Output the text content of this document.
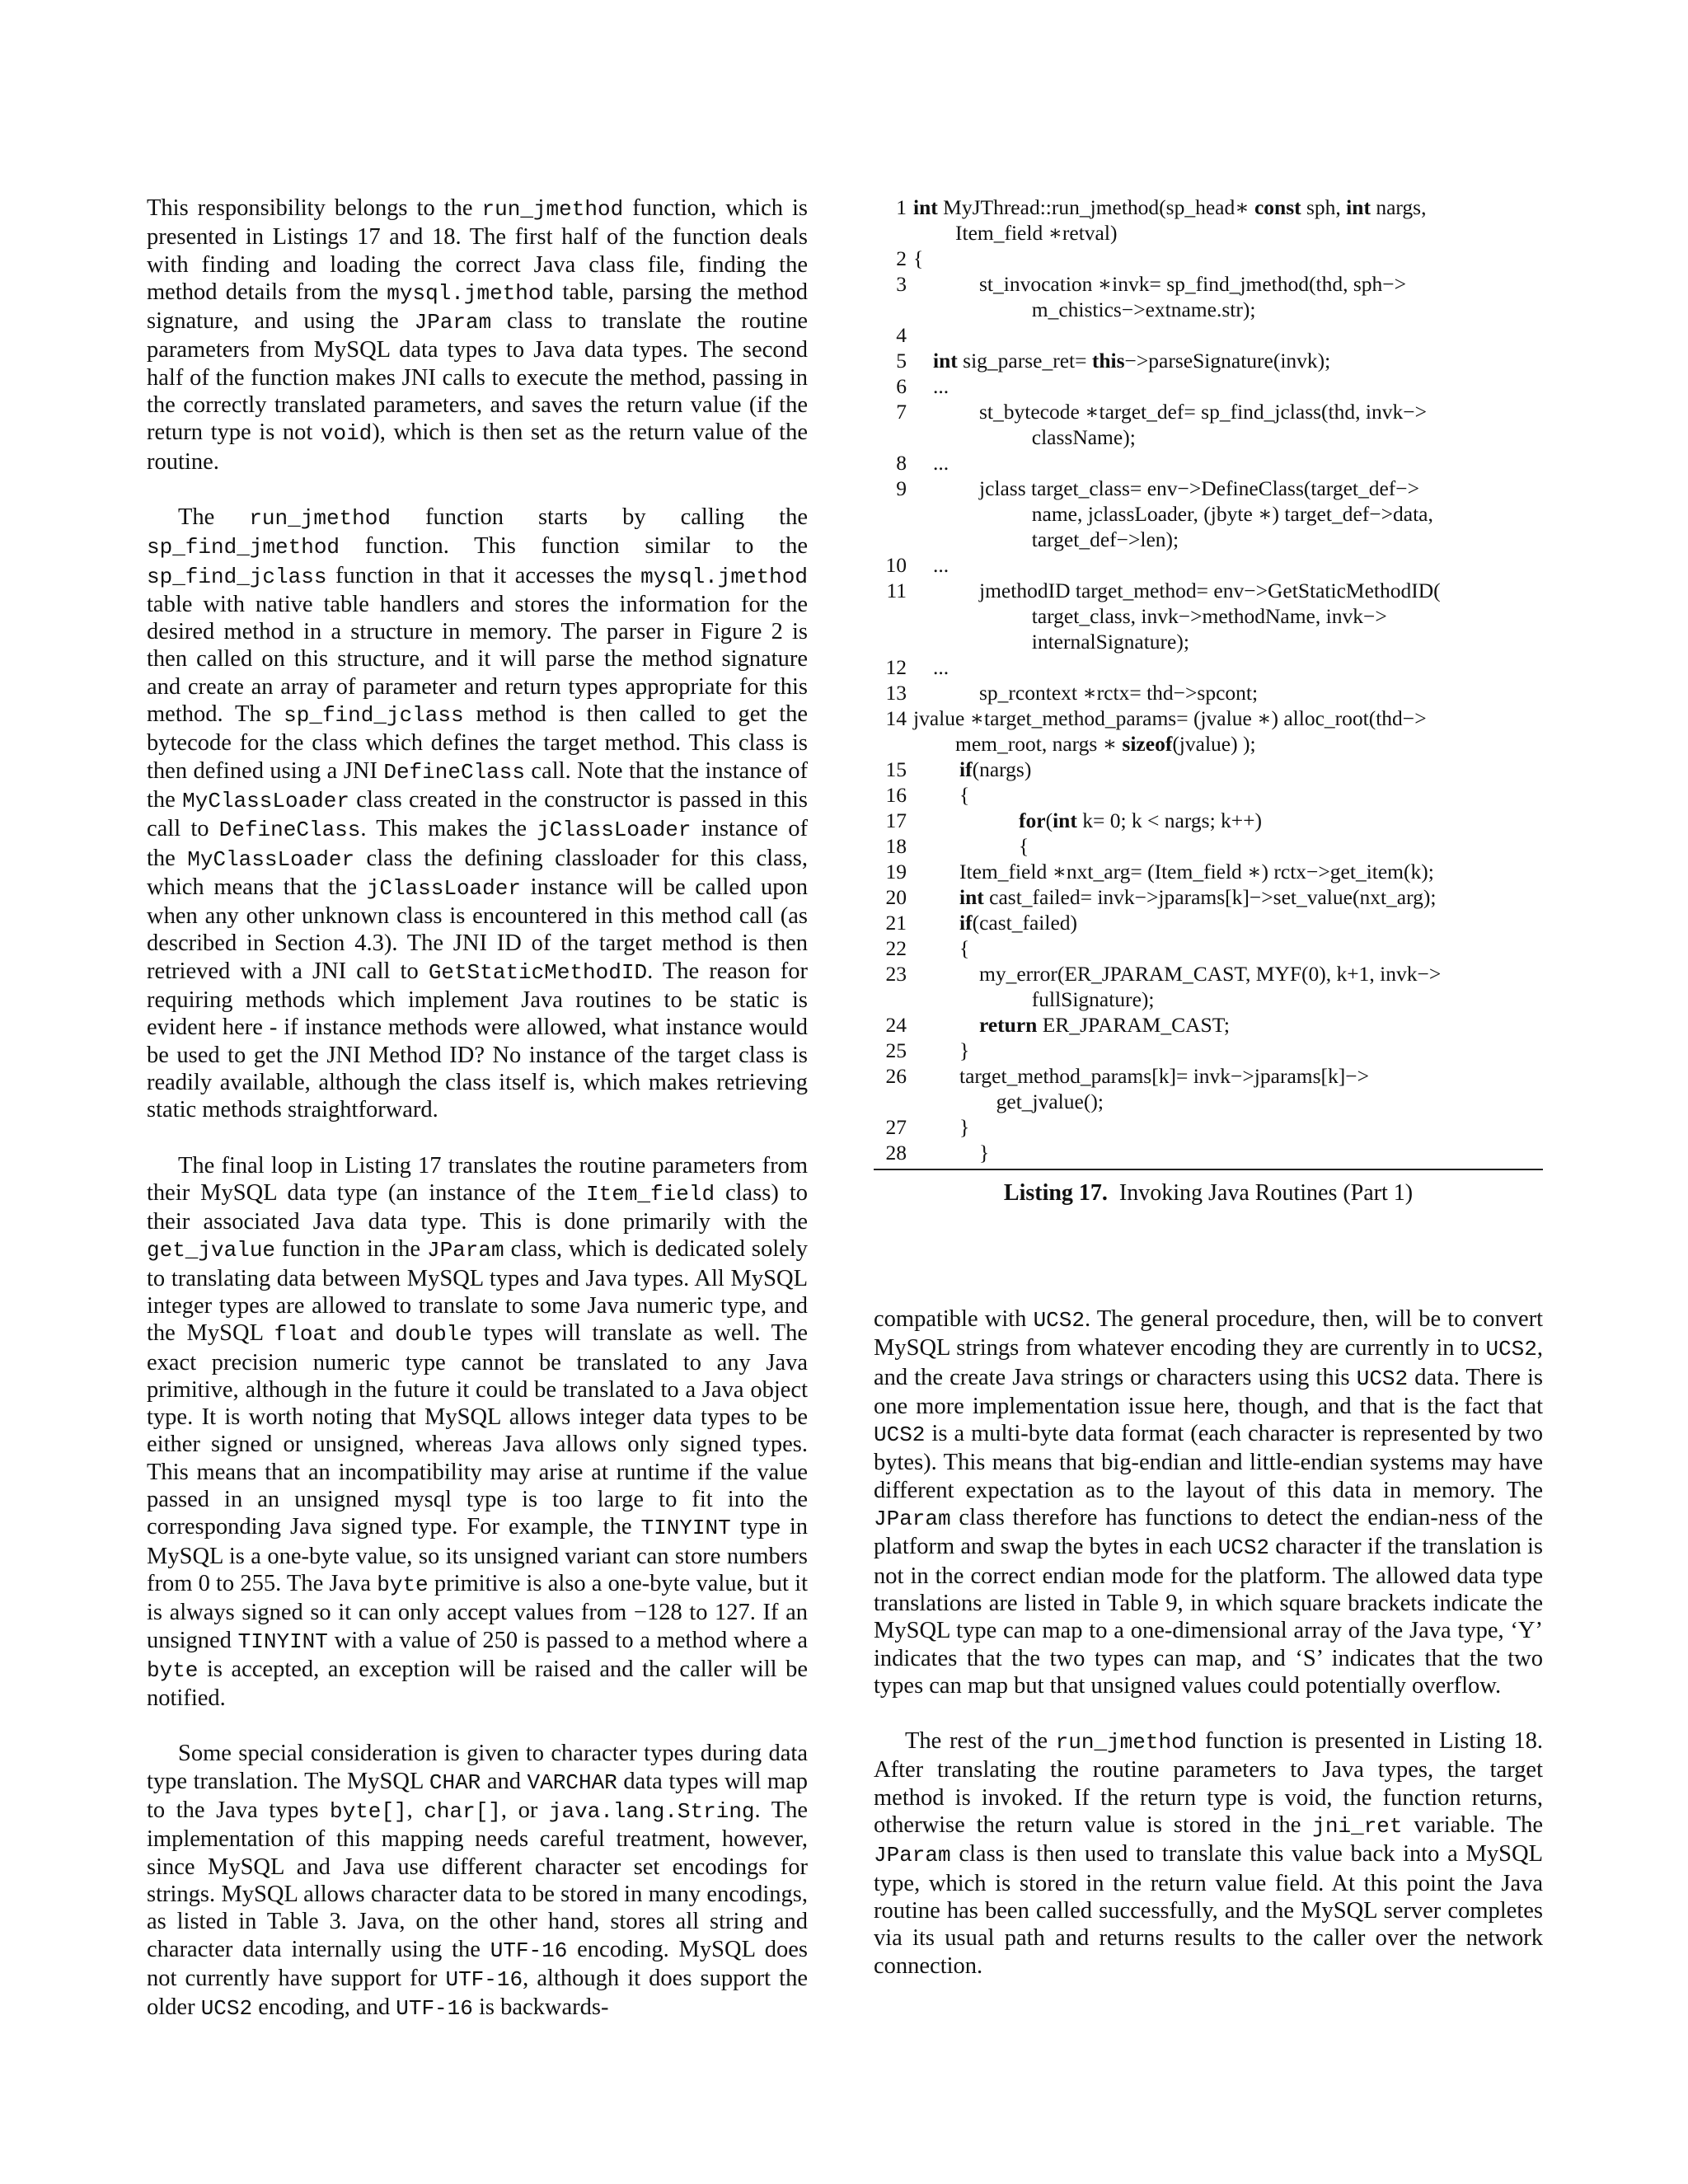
This responsibility belongs to the run_jmethod function, which is presented in Listings 17 and 18. The first half of the function deals with finding and loading the correct Java class file, finding the method details from the mysql.jmethod table, parsing the method signature, and using the JParam class to translate the routine parameters from MySQL data types to Java data types. The second half of the function makes JNI calls to execute the method, passing in the correctly translated parameters, and saves the return value (if the return type is not void), which is then set as the return value of the routine.

The run_jmethod function starts by calling the sp_find_jmethod function. This function similar to the sp_find_jclass function in that it accesses the mysql.jmethod table with native table handlers and stores the information for the desired method in a structure in memory. The parser in Figure 2 is then called on this structure, and it will parse the method signature and create an array of parameter and return types appropriate for this method. The sp_find_jclass method is then called to get the bytecode for the class which defines the target method. This class is then defined using a JNI DefineClass call. Note that the instance of the MyClassLoader class created in the constructor is passed in this call to DefineClass. This makes the jClassLoader instance of the MyClassLoader class the defining classloader for this class, which means that the jClassLoader instance will be called upon when any other unknown class is encountered in this method call (as described in Section 4.3). The JNI ID of the target method is then retrieved with a JNI call to GetStaticMethodID. The reason for requiring methods which implement Java routines to be static is evident here - if instance methods were allowed, what instance would be used to get the JNI Method ID? No instance of the target class is readily available, although the class itself is, which makes retrieving static methods straightforward.

The final loop in Listing 17 translates the routine parameters from their MySQL data type (an instance of the Item_field class) to their associated Java data type. This is done primarily with the get_jvalue function in the JParam class, which is dedicated solely to translating data between MySQL types and Java types. All MySQL integer types are allowed to translate to some Java numeric type, and the MySQL float and double types will translate as well. The exact precision numeric type cannot be translated to any Java primitive, although in the future it could be translated to a Java object type. It is worth noting that MySQL allows integer data types to be either signed or unsigned, whereas Java allows only signed types. This means that an incompatibility may arise at runtime if the value passed in an unsigned mysql type is too large to fit into the corresponding Java signed type. For example, the TINYINT type in MySQL is a one-byte value, so its unsigned variant can store numbers from 0 to 255. The Java byte primitive is also a one-byte value, but it is always signed so it can only accept values from −128 to 127. If an unsigned TINYINT with a value of 250 is passed to a method where a byte is accepted, an exception will be raised and the caller will be notified.

Some special consideration is given to character types during data type translation. The MySQL CHAR and VARCHAR data types will map to the Java types byte[], char[], or java.lang.String. The implementation of this mapping needs careful treatment, however, since MySQL and Java use different character set encodings for strings. MySQL allows character data to be stored in many encodings, as listed in Table 3. Java, on the other hand, stores all string and character data internally using the UTF-16 encoding. MySQL does not currently have support for UTF-16, although it does support the older UCS2 encoding, and UTF-16 is backwards-

1 int MyJThread::run_jmethod(sp_head∗ const sph, int nargs,
Item_field ∗retval)
2 {
3	st_invocation ∗invk= sp_find_jmethod(thd, sph−>
m_chistics−>extname.str);
4

5	int sig_parse_ret= this−>parseSignature(invk);
6	...
7	st_bytecode ∗target_def= sp_find_jclass(thd, invk−>
className);
8	...
9	jclass target_class= env−>DefineClass(target_def−>
name, jclassLoader, (jbyte ∗) target_def−>data,
target_def−>len);
10	...
11	jmethodID target_method= env−>GetStaticMethodID(
target_class, invk−>methodName, invk−>
internalSignature);
12	...
13	sp_rcontext ∗rctx= thd−>spcont;
14 jvalue ∗target_method_params= (jvalue ∗) alloc_root(thd−>
mem_root, nargs ∗ sizeof(jvalue) );
15	if(nargs)
16	{
17	for(int k= 0; k < nargs; k++)
18	{
19	Item_field ∗nxt_arg= (Item_field ∗) rctx−>get_item(k);
20	int cast_failed= invk−>jparams[k]−>set_value(nxt_arg);
21	if(cast_failed)
22	{
23	my_error(ER_JPARAM_CAST, MYF(0), k+1, invk−>
fullSignature);
24	return ER_JPARAM_CAST;
25	}
26	target_method_params[k]= invk−>jparams[k]−>
get_jvalue();
27	}
28	}
Listing 17. Invoking Java Routines (Part 1)

compatible with UCS2. The general procedure, then, will be to convert MySQL strings from whatever encoding they are currently in to UCS2, and the create Java strings or characters using this UCS2 data. There is one more implementation issue here, though, and that is the fact that UCS2 is a multi-byte data format (each character is represented by two bytes). This means that big-endian and little-endian systems may have different expectation as to the layout of this data in memory. The JParam class therefore has functions to detect the endian-ness of the platform and swap the bytes in each UCS2 character if the translation is not in the correct endian mode for the platform. The allowed data type translations are listed in Table 9, in which square brackets indicate the MySQL type can map to a one-dimensional array of the Java type, ‘Y’ indicates that the two types can map, and ‘S’ indicates that the two types can map but that unsigned values could potentially overflow.

The rest of the run_jmethod function is presented in Listing 18. After translating the routine parameters to Java types, the target method is invoked. If the return type is void, the function returns, otherwise the return value is stored in the jni_ret variable. The JParam class is then used to translate this value back into a MySQL type, which is stored in the return value field. At this point the Java routine has been called successfully, and the MySQL server completes via its usual path and returns results to the caller over the network connection.
